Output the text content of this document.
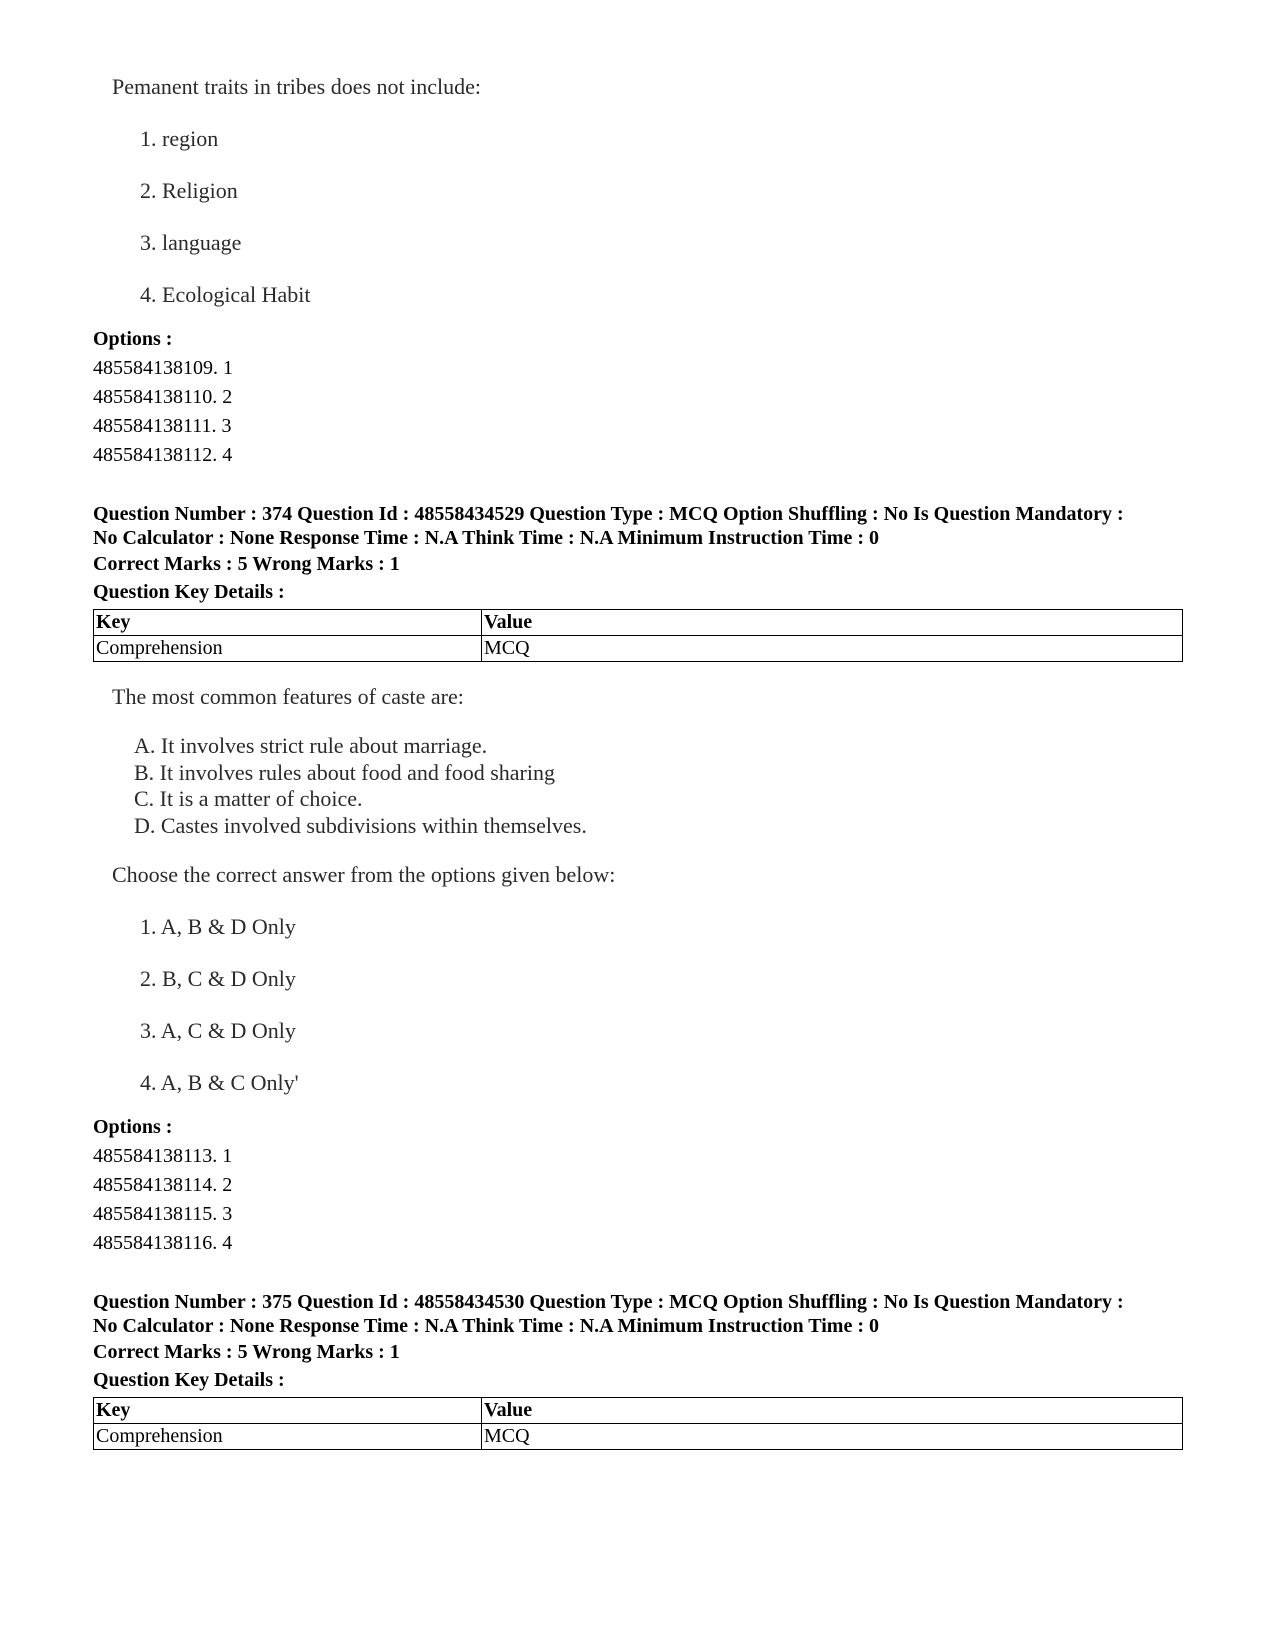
Pemanent traits in tribes does not include:
1. region
2. Religion
3. language
4. Ecological Habit
Options :
485584138109. 1
485584138110. 2
485584138111. 3
485584138112. 4
Question Number : 374 Question Id : 48558434529 Question Type : MCQ Option Shuffling : No Is Question Mandatory :
No Calculator : None Response Time : N.A Think Time : N.A Minimum Instruction Time : 0
Correct Marks : 5 Wrong Marks : 1
Question Key Details :
Key	Value
Comprehension	MCQ
The most common features of caste are:
A. It involves strict rule about marriage.
B. It involves rules about food and food sharing
C. It is a matter of choice.
D. Castes involved subdivisions within themselves.
Choose the correct answer from the options given below:
1. A, B & D Only
2. B, C & D Only
3. A, C & D Only
4. A, B & C Only'
Options :
485584138113. 1
485584138114. 2
485584138115. 3
485584138116. 4
Question Number : 375 Question Id : 48558434530 Question Type : MCQ Option Shuffling : No Is Question Mandatory :
No Calculator : None Response Time : N.A Think Time : N.A Minimum Instruction Time : 0
Correct Marks : 5 Wrong Marks : 1
Question Key Details :
Key	Value
Comprehension	MCQ
